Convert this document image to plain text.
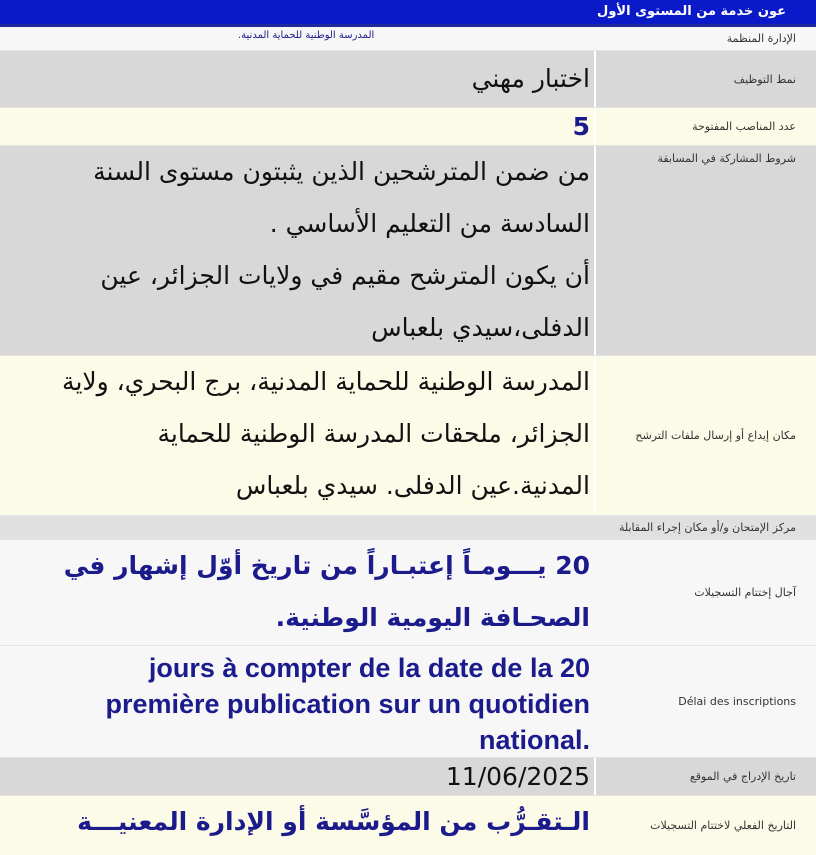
عون خدمة من المستوى الأول
الإدارة المنظمة
المدرسة الوطنية للحماية المدنية.
نمط التوظيف
اختبار مهني
عدد المناصب المفتوحة
5
شروط المشاركة في المسابقة
من ضمن المترشحين الذين يثبتون مستوى السنة
السادسة من التعليم الأساسي .
أن يكون المترشح مقيم في ولايات الجزائر، عين
الدفلى،سيدي بلعباس
مكان إيداع أو إرسال ملفات الترشح
المدرسة الوطنية للحماية المدنية، برج البحري، ولاية
الجزائر، ملحقات المدرسة الوطنية للحماية
المدنية.عين الدفلى. سيدي بلعباس
مركز الإمتحان و/أو مكان إجراء المقابلة
آجال إختتام التسجيلات
20 يـــومـاً إعتبـاراً من تاريخ أوّل إشهار في
الصحـافة اليومية الوطنية.
Délai des inscriptions
jours à compter de la date de la 20
première publication sur un quotidien
.national
تاريخ الإدراج في الموقع
11/06/2025
التاريخ الفعلي لاختتام التسجيلات
الـتقـرُّب من المؤسَّسة أو الإدارة المعنيـــة
